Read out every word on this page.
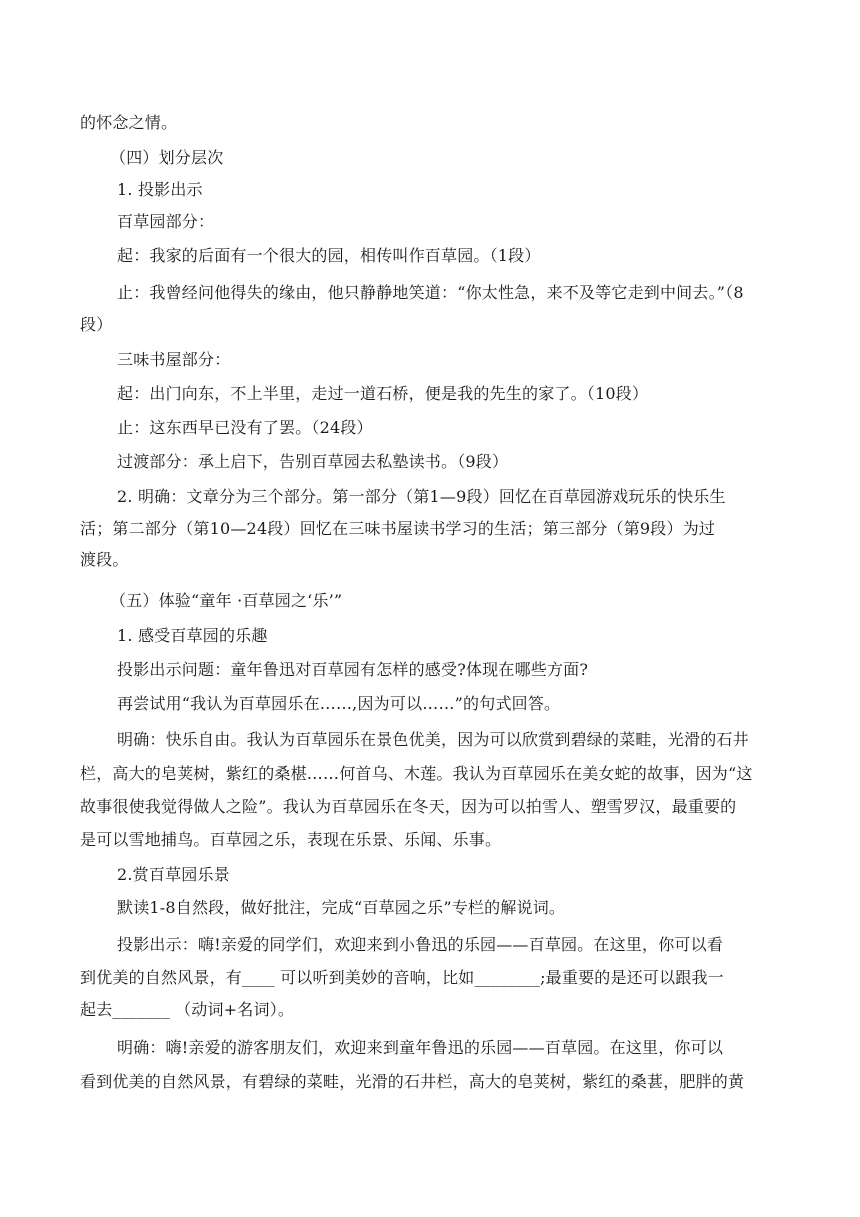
的怀念之情。
（四）划分层次
1. 投影出示
百草园部分：
起：我家的后面有一个很大的园，相传叫作百草园。（1段）
止：我曾经问他得失的缘由，他只静静地笑道：“你太性急，来不及等它走到中间去。”（8
段）
三味书屋部分：
起：出门向东，不上半里，走过一道石桥，便是我的先生的家了。（10段）
止：这东西早已没有了罢。（24段）
过渡部分：承上启下，告别百草园去私塾读书。（9段）
2. 明确：文章分为三个部分。第一部分（第1—9段）回忆在百草园游戏玩乐的快乐生
活；第二部分（第10—24段）回忆在三味书屋读书学习的生活；第三部分（第9段）为过
渡段。
（五）体验“童年 ·百草园之‘乐’”
1. 感受百草园的乐趣
投影出示问题：童年鲁迅对百草园有怎样的感受?体现在哪些方面?
再尝试用“我认为百草园乐在……,因为可以……”的句式回答。
明确：快乐自由。我认为百草园乐在景色优美，因为可以欣赏到碧绿的菜畦，光滑的石井
栏，高大的皂荚树，紫红的桑椹……何首乌、木莲。我认为百草园乐在美女蛇的故事，因为“这
故事很使我觉得做人之险”。我认为百草园乐在冬天，因为可以拍雪人、塑雪罗汉，最重要的
是可以雪地捕鸟。百草园之乐，表现在乐景、乐闻、乐事。
2.赏百草园乐景
默读1-8自然段，做好批注，完成“百草园之乐”专栏的解说词。
投影出示：嗨!亲爱的同学们，欢迎来到小鲁迅的乐园——百草园。在这里，你可以看
到优美的自然风景，有____ 可以听到美妙的音响，比如________;最重要的是还可以跟我一
起去_______ （动词+名词）。
明确：嗨!亲爱的游客朋友们，欢迎来到童年鲁迅的乐园——百草园。在这里，你可以
看到优美的自然风景，有碧绿的菜畦，光滑的石井栏，高大的皂荚树，紫红的桑葚，肥胖的黄
